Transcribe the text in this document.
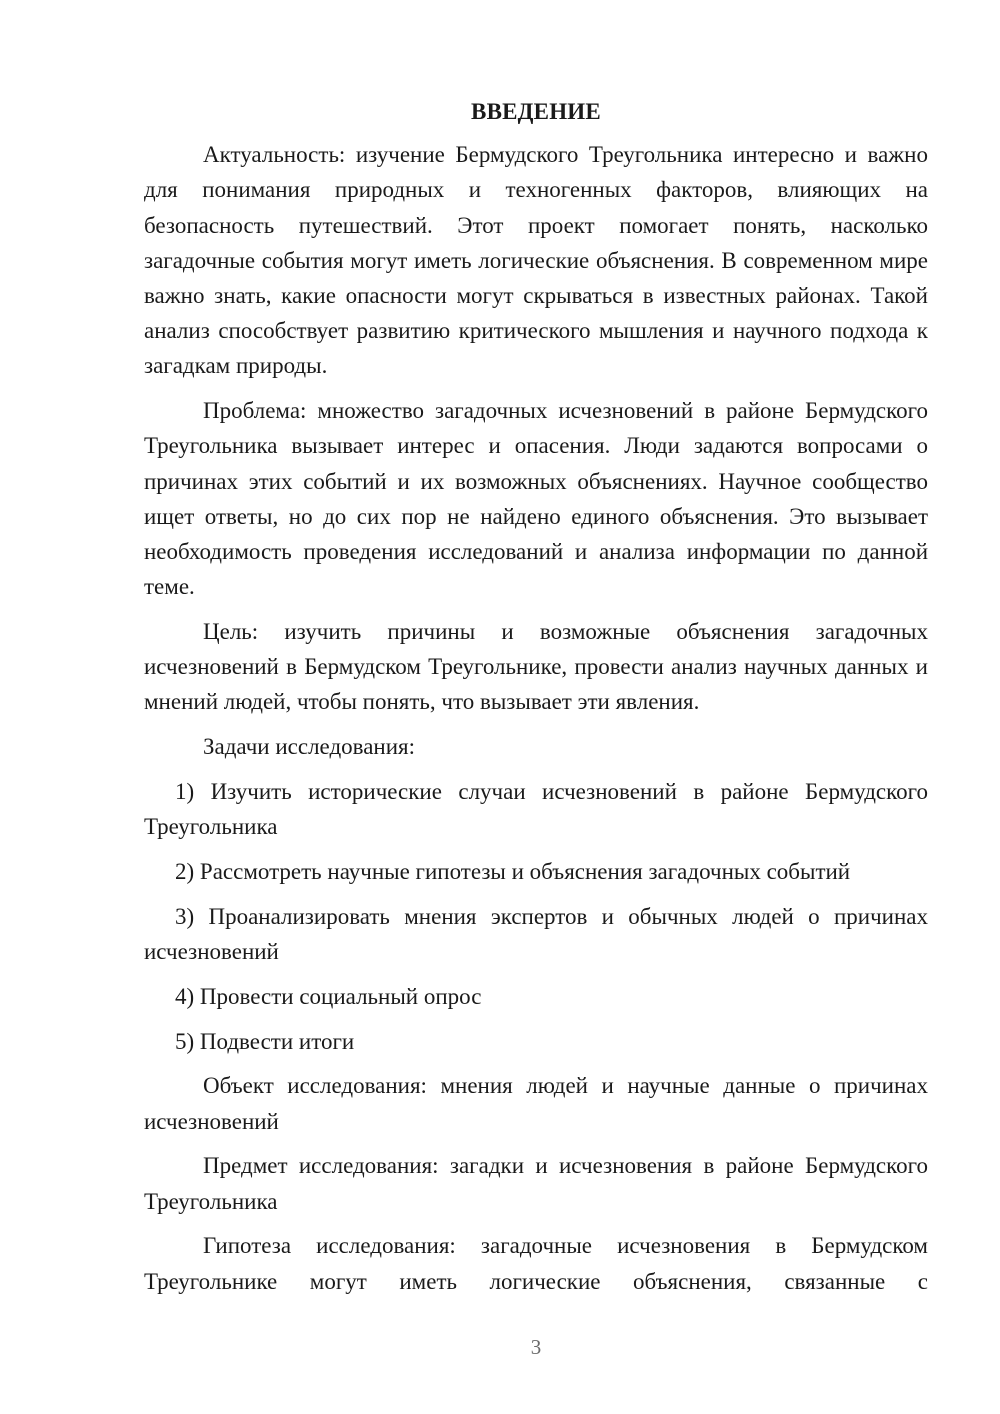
ВВЕДЕНИЕ

Актуальность: изучение Бермудского Треугольника интересно и важно для понимания природных и техногенных факторов, влияющих на безопасность путешествий. Этот проект помогает понять, насколько загадочные события могут иметь логические объяснения. В современном мире важно знать, какие опасности могут скрываться в известных районах. Такой анализ способствует развитию критического мышления и научного подхода к загадкам природы.

Проблема: множество загадочных исчезновений в районе Бермудского Треугольника вызывает интерес и опасения. Люди задаются вопросами о причинах этих событий и их возможных объяснениях. Научное сообщество ищет ответы, но до сих пор не найдено единого объяснения. Это вызывает необходимость проведения исследований и анализа информации по данной теме.

Цель: изучить причины и возможные объяснения загадочных исчезновений в Бермудском Треугольнике, провести анализ научных данных и мнений людей, чтобы понять, что вызывает эти явления.

Задачи исследования:

1) Изучить исторические случаи исчезновений в районе Бермудского Треугольника

2) Рассмотреть научные гипотезы и объяснения загадочных событий

3) Проанализировать мнения экспертов и обычных людей о причинах исчезновений

4) Провести социальный опрос

5) Подвести итоги

Объект исследования: мнения людей и научные данные о причинах исчезновений

Предмет исследования: загадки и исчезновения в районе Бермудского Треугольника

Гипотеза исследования: загадочные исчезновения в Бермудском Треугольнике могут иметь логические объяснения, связанные с

3
